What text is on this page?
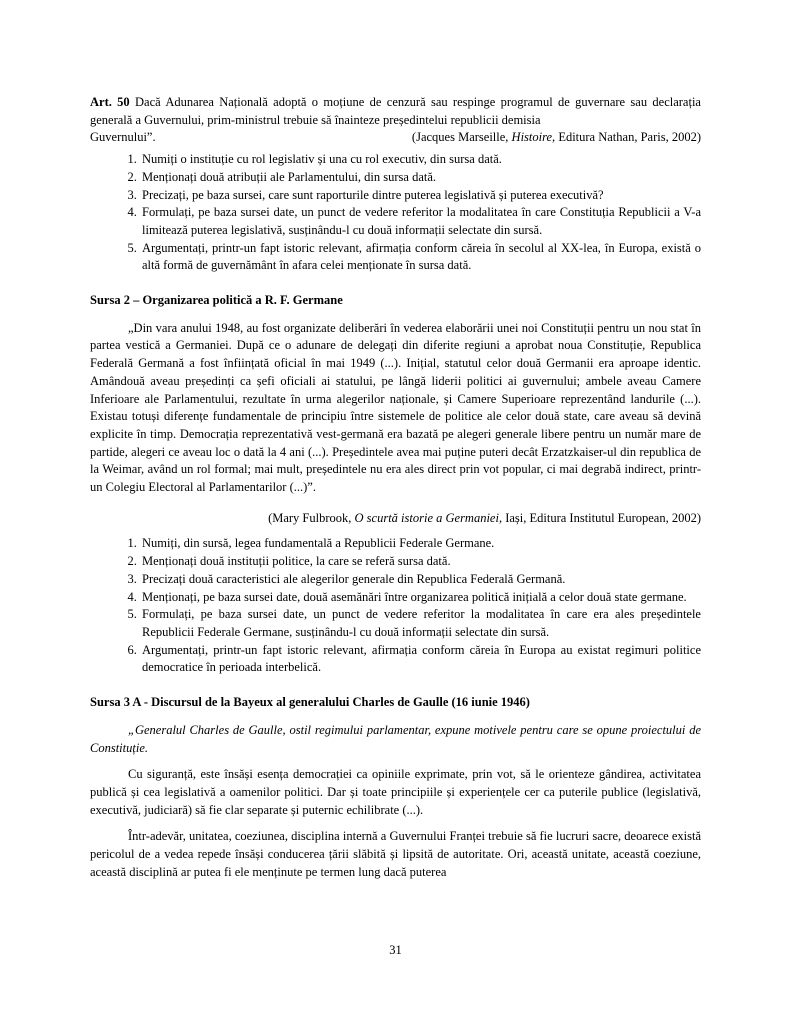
Art. 50 Dacă Adunarea Națională adoptă o moțiune de cenzură sau respinge programul de guvernare sau declarația generală a Guvernului, prim-ministrul trebuie să înainteze președintelui republicii demisia

Guvernului”.	(Jacques Marseille, Histoire, Editura Nathan, Paris, 2002)
1. Numiți o instituție cu rol legislativ și una cu rol executiv, din sursa dată.
2. Menționați două atribuții ale Parlamentului, din sursa dată.
3. Precizați, pe baza sursei, care sunt raporturile dintre puterea legislativă și puterea executivă?
4. Formulați, pe baza sursei date, un punct de vedere referitor la modalitatea în care Constituția Republicii a V-a limitează puterea legislativă, susținându-l cu două informații selectate din sursă.
5. Argumentați, printr-un fapt istoric relevant, afirmația conform căreia în secolul al XX-lea, în Europa, există o altă formă de guvernământ în afara celei menționate în sursa dată.

Sursa 2 – Organizarea politică a R. F. Germane

„Din vara anului 1948, au fost organizate deliberări în vederea elaborării unei noi Constituții pentru un nou stat în partea vestică a Germaniei. După ce o adunare de delegați din diferite regiuni a aprobat noua Constituție, Republica Federală Germană a fost înființată oficial în mai 1949 (...). Inițial, statutul celor două Germanii era aproape identic. Amândouă aveau președinți ca șefi oficiali ai statului, pe lângă liderii politici ai guvernului; ambele aveau Camere Inferioare ale Parlamentului, rezultate în urma alegerilor naționale, și Camere Superioare reprezentând landurile (...). Existau totuși diferențe fundamentale de principiu între sistemele de politice ale celor două state, care aveau să devină explicite în timp. Democrația reprezentativă vest-germană era bazată pe alegeri generale libere pentru un număr mare de partide, alegeri ce aveau loc o dată la 4 ani (...). Președintele avea mai puține puteri decât Erzatzkaiser-ul din republica de la Weimar, având un rol formal; mai mult, președintele nu era ales direct prin vot popular, ci mai degrabă indirect, printr-un Colegiu Electoral al Parlamentarilor (...)”.

(Mary Fulbrook, O scurtă istorie a Germaniei, Iași, Editura Institutul European, 2002)

1. Numiți, din sursă, legea fundamentală a Republicii Federale Germane.
2. Menționați două instituții politice, la care se referă sursa dată.
3. Precizați două caracteristici ale alegerilor generale din Republica Federală Germană.
4. Menționați, pe baza sursei date, două asemănări între organizarea politică inițială a celor două state germane.
5. Formulați, pe baza sursei date, un punct de vedere referitor la modalitatea în care era ales președintele Republicii Federale Germane, susținându-l cu două informații selectate din sursă.
6. Argumentați, printr-un fapt istoric relevant, afirmația conform căreia în Europa au existat regimuri politice democratice în perioada interbelică.

Sursa 3 A - Discursul de la Bayeux al generalului Charles de Gaulle (16 iunie 1946)

„Generalul Charles de Gaulle, ostil regimului parlamentar, expune motivele pentru care se opune proiectului de Constituție.

Cu siguranță, este însăși esența democrației ca opiniile exprimate, prin vot, să le orienteze gândirea, activitatea publică și cea legislativă a oamenilor politici. Dar și toate principiile și experiențele cer ca puterile publice (legislativă, executivă, judiciară) să fie clar separate și puternic echilibrate (...).

Într-adevăr, unitatea, coeziunea, disciplina internă a Guvernului Franței trebuie să fie lucruri sacre, deoarece există pericolul de a vedea repede însăși conducerea țării slăbită și lipsită de autoritate. Ori, această unitate, această coeziune, această disciplină ar putea fi ele menținute pe termen lung dacă puterea

31
